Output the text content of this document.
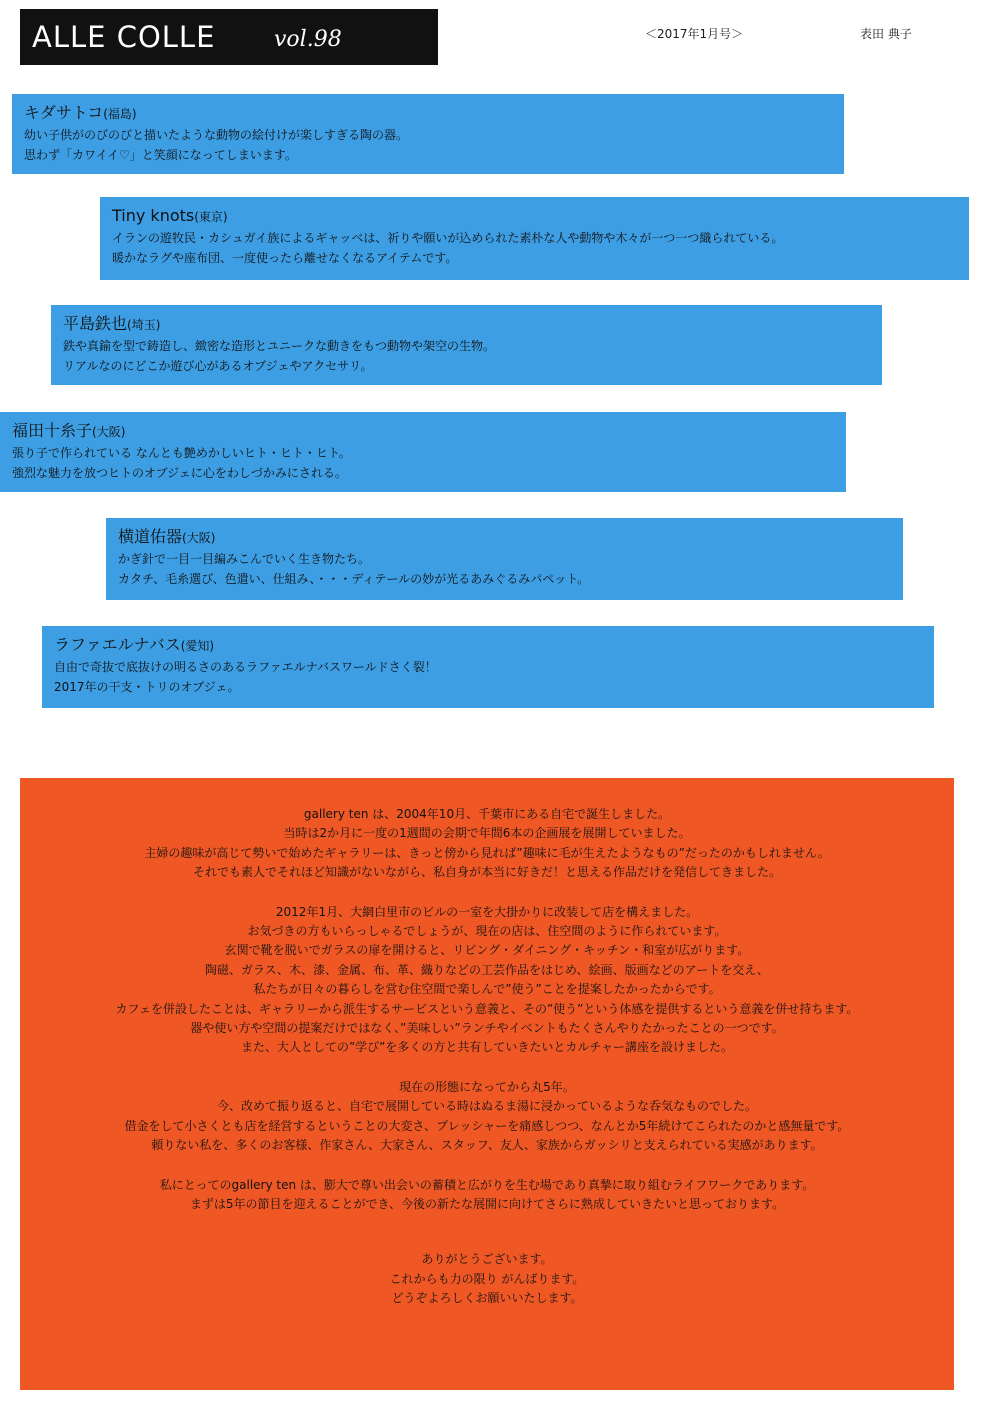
ALLE COLLE	vol.98	＜2017年1月号＞	表田 典子
キダサトコ(福島)
幼い子供がのびのびと描いたような動物の絵付けが楽しすぎる陶の器。
思わず「カワイイ♡」と笑顔になってしまいます。
Tiny knots(東京)
イランの遊牧民・カシュガイ族によるギャッベは、祈りや願いが込められた素朴な人や動物や木々が一つ一つ織られている。
暖かなラグや座布団、一度使ったら離せなくなるアイテムです。
平島鉄也(埼玉)
鉄や真鍮を型で鋳造し、緻密な造形とユニークな動きをもつ動物や架空の生物。
リアルなのにどこか遊び心があるオブジェやアクセサリ。
福田十糸子(大阪)
張り子で作られている なんとも艶めかしいヒト・ヒト・ヒト。
強烈な魅力を放つヒトのオブジェに心をわしづかみにされる。
横道佑器(大阪)
かぎ針で一目一目編みこんでいく生き物たち。
カタチ、毛糸選び、色遣い、仕組み、・・・ディテールの妙が光るあみぐるみパペット。
ラファエルナバス(愛知)
自由で奇抜で底抜けの明るさのあるラファエルナバスワールドさく裂！
2017年の干支・トリのオブジェ。
gallery ten は、2004年10月、千葉市にある自宅で誕生しました。
当時は2か月に一度の1週間の会期で年間6本の企画展を展開していました。
主婦の趣味が高じて勢いで始めたギャラリーは、きっと傍から見れば”趣味に毛が生えたようなもの”だったのかもしれません。
それでも素人でそれほど知識がないながら、私自身が本当に好きだ！と思える作品だけを発信してきました。
2012年1月、大網白里市のビルの一室を大掛かりに改装して店を構えました。
お気づきの方もいらっしゃるでしょうが、現在の店は、住空間のように作られています。
玄関で靴を脱いでガラスの扉を開けると、リビング・ダイニング・キッチン・和室が広がります。
陶磁、ガラス、木、漆、金属、布、革、織りなどの工芸作品をはじめ、絵画、版画などのアートを交え、
私たちが日々の暮らしを営む住空間で楽しんで”使う”ことを提案したかったからです。
カフェを併設したことは、ギャラリーから派生するサービスという意義と、その”使う”という体感を提供するという意義を併せ持ちます。
器や使い方や空間の提案だけではなく、”美味しい”ランチやイベントもたくさんやりたかったことの一つです。
また、大人としての”学び”を多くの方と共有していきたいとカルチャー講座を設けました。
現在の形態になってから丸5年。
今、改めて振り返ると、自宅で展開している時はぬるま湯に浸かっているような呑気なものでした。
借金をして小さくとも店を経営するということの大変さ、プレッシャーを痛感しつつ、なんとか5年続けてこられたのかと感無量です。
頼りない私を、多くのお客様、作家さん、大家さん、スタッフ、友人、家族からガッシリと支えられている実感があります。
私にとってのgallery ten は、膨大で尊い出会いの蓄積と広がりを生む場であり真摯に取り組むライフワークであります。
まずは5年の節目を迎えることができ、今後の新たな展開に向けてさらに熟成していきたいと思っております。
ありがとうございます。
これからも力の限り がんばります。
どうぞよろしくお願いいたします。
